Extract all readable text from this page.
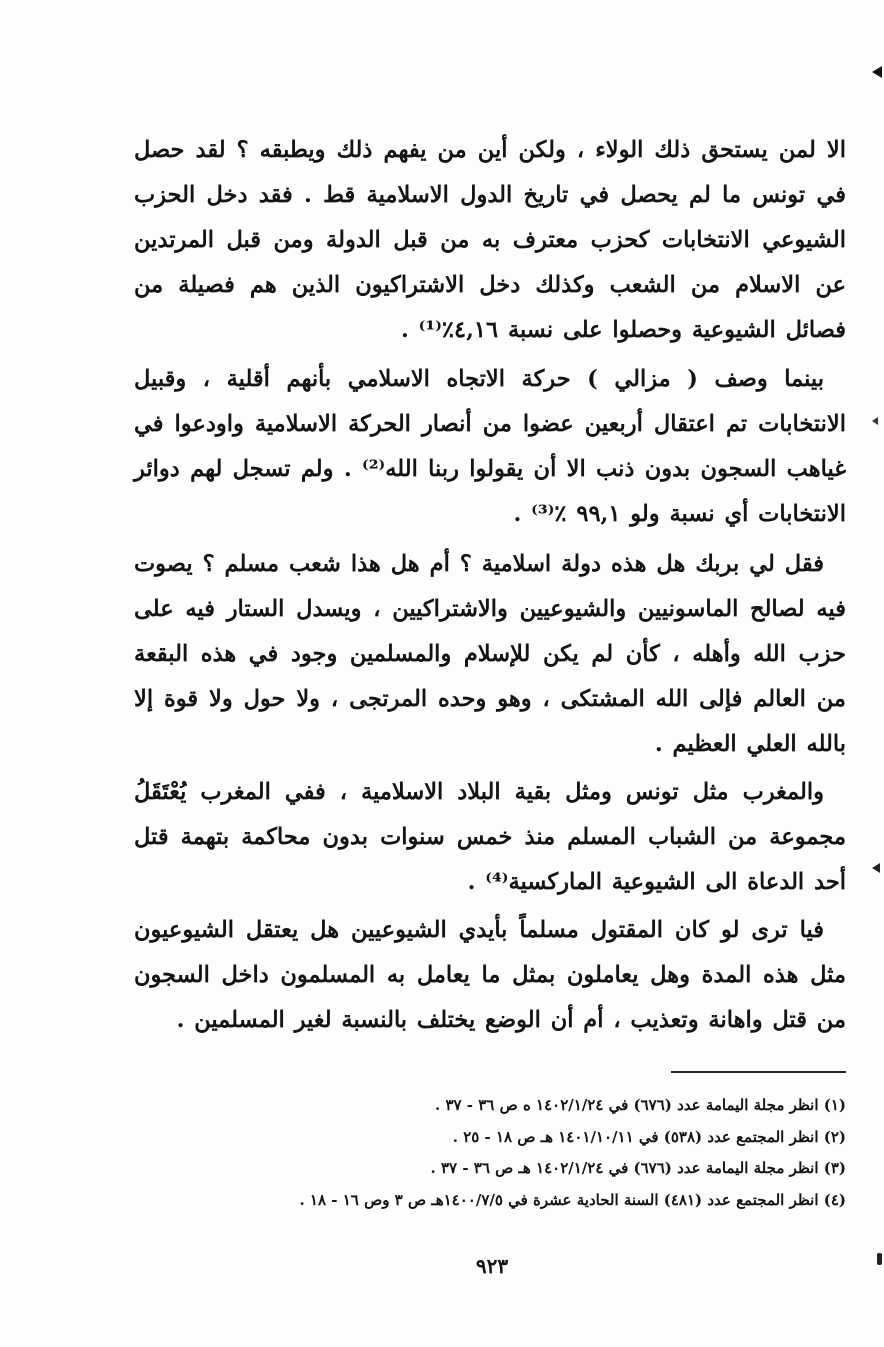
الا لمن يستحق ذلك الولاء ، ولكن أين من يفهم ذلك ويطبقه ؟ لقد حصل في تونس ما لم يحصل في تاريخ الدول الاسلامية قط . فقد دخل الحزب الشيوعي الانتخابات كحزب معترف به من قبل الدولة ومن قبل المرتدين عن الاسلام من الشعب وكذلك دخل الاشتراكيون الذين هم فصيلة من فصائل الشيوعية وحصلوا على نسبة ٤,١٦٪⁽¹⁾ .

بينما وصف ( مزالي ) حركة الاتجاه الاسلامي بأنهم أقلية ، وقبيل الانتخابات تم اعتقال أربعين عضوا من أنصار الحركة الاسلامية واودعوا في غياهب السجون بدون ذنب الا أن يقولوا ربنا الله⁽²⁾ . ولم تسجل لهم دوائر الانتخابات أي نسبة ولو ٩٩,١ ٪⁽³⁾ .

فقل لي بربك هل هذه دولة اسلامية ؟ أم هل هذا شعب مسلم ؟ يصوت فيه لصالح الماسونيين والشيوعيين والاشتراكيين ، ويسدل الستار فيه على حزب الله وأهله ، كأن لم يكن للإسلام والمسلمين وجود في هذه البقعة من العالم فإلى الله المشتكى ، وهو وحده المرتجى ، ولا حول ولا قوة إلا بالله العلي العظيم .

والمغرب مثل تونس ومثل بقية البلاد الاسلامية ، ففي المغرب يُعْتَقَلُ مجموعة من الشباب المسلم منذ خمس سنوات بدون محاكمة بتهمة قتل أحد الدعاة الى الشيوعية الماركسية⁽⁴⁾ .

فيا ترى لو كان المقتول مسلماً بأيدي الشيوعيين هل يعتقل الشيوعيون مثل هذه المدة وهل يعاملون بمثل ما يعامل به المسلمون داخل السجون من قتل واهانة وتعذيب ، أم أن الوضع يختلف بالنسبة لغير المسلمين .

(١) انظر مجلة اليمامة عدد (٦٧٦) في ١٤٠٢/١/٢٤ ه ص ٣٦ - ٣٧ .
(٢) انظر المجتمع عدد (٥٣٨) في ١٤٠١/١٠/١١ هـ ص ١٨ - ٢٥ .
(٣) انظر مجلة اليمامة عدد (٦٧٦) في ١٤٠٢/١/٢٤ هـ ص ٣٦ - ٣٧ .
(٤) انظر المجتمع عدد (٤٨١) السنة الحادية عشرة في ١٤٠٠/٧/٥هـ ص ٣ وص ١٦ - ١٨ .
٩٢٣
